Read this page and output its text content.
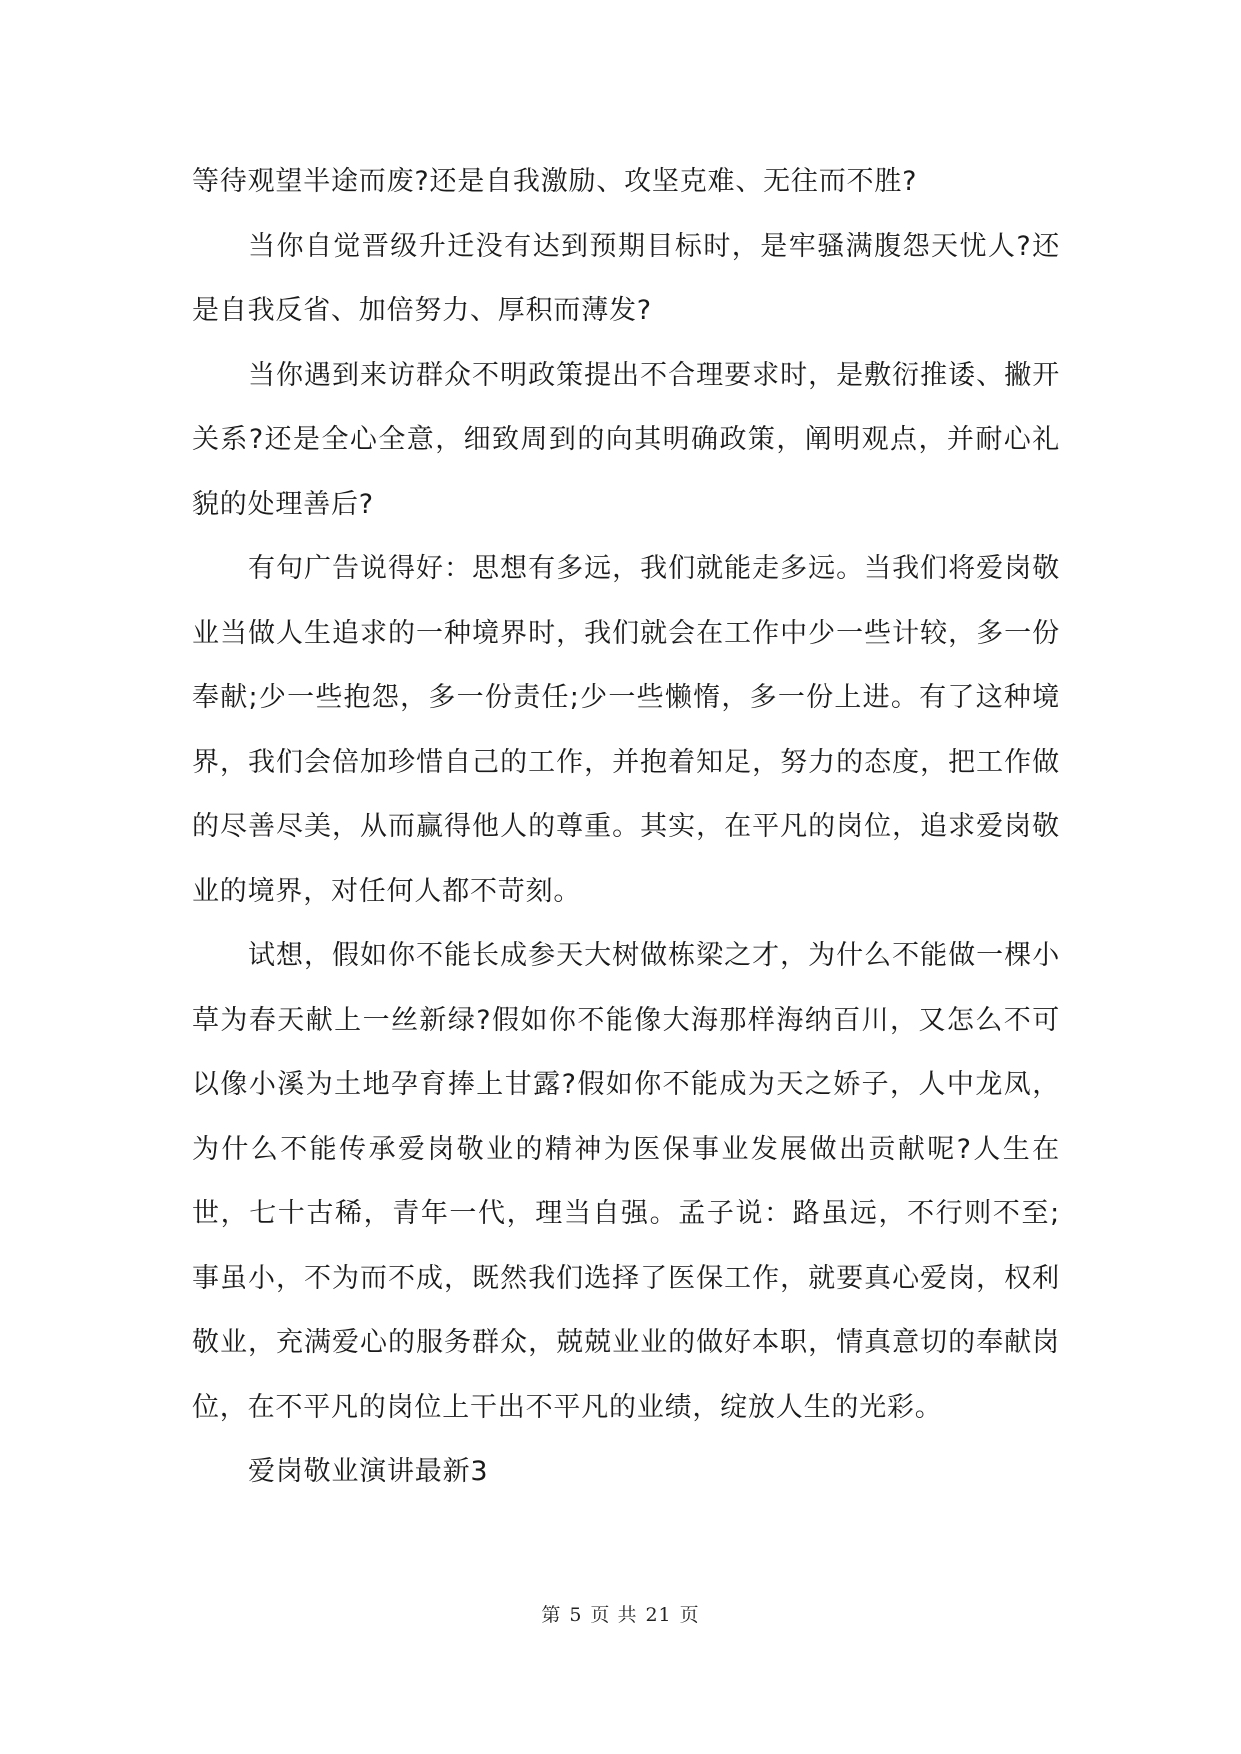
等待观望半途而废?还是自我激励、攻坚克难、无往而不胜?

当你自觉晋级升迁没有达到预期目标时，是牢骚满腹怨天忧人?还是自我反省、加倍努力、厚积而薄发?

当你遇到来访群众不明政策提出不合理要求时，是敷衍推诿、撇开关系?还是全心全意，细致周到的向其明确政策，阐明观点，并耐心礼貌的处理善后?

有句广告说得好：思想有多远，我们就能走多远。当我们将爱岗敬业当做人生追求的一种境界时，我们就会在工作中少一些计较，多一份奉献;少一些抱怨，多一份责任;少一些懒惰，多一份上进。有了这种境界，我们会倍加珍惜自己的工作，并抱着知足，努力的态度，把工作做的尽善尽美，从而赢得他人的尊重。其实，在平凡的岗位，追求爱岗敬业的境界，对任何人都不苛刻。

试想，假如你不能长成参天大树做栋梁之才，为什么不能做一棵小草为春天献上一丝新绿?假如你不能像大海那样海纳百川，又怎么不可以像小溪为土地孕育捧上甘露?假如你不能成为天之娇子，人中龙凤，为什么不能传承爱岗敬业的精神为医保事业发展做出贡献呢?人生在世，七十古稀，青年一代，理当自强。孟子说：路虽远，不行则不至;事虽小，不为而不成，既然我们选择了医保工作，就要真心爱岗，权利敬业，充满爱心的服务群众，兢兢业业的做好本职，情真意切的奉献岗位，在不平凡的岗位上干出不平凡的业绩，绽放人生的光彩。

爱岗敬业演讲最新3

第 5 页 共 21 页
